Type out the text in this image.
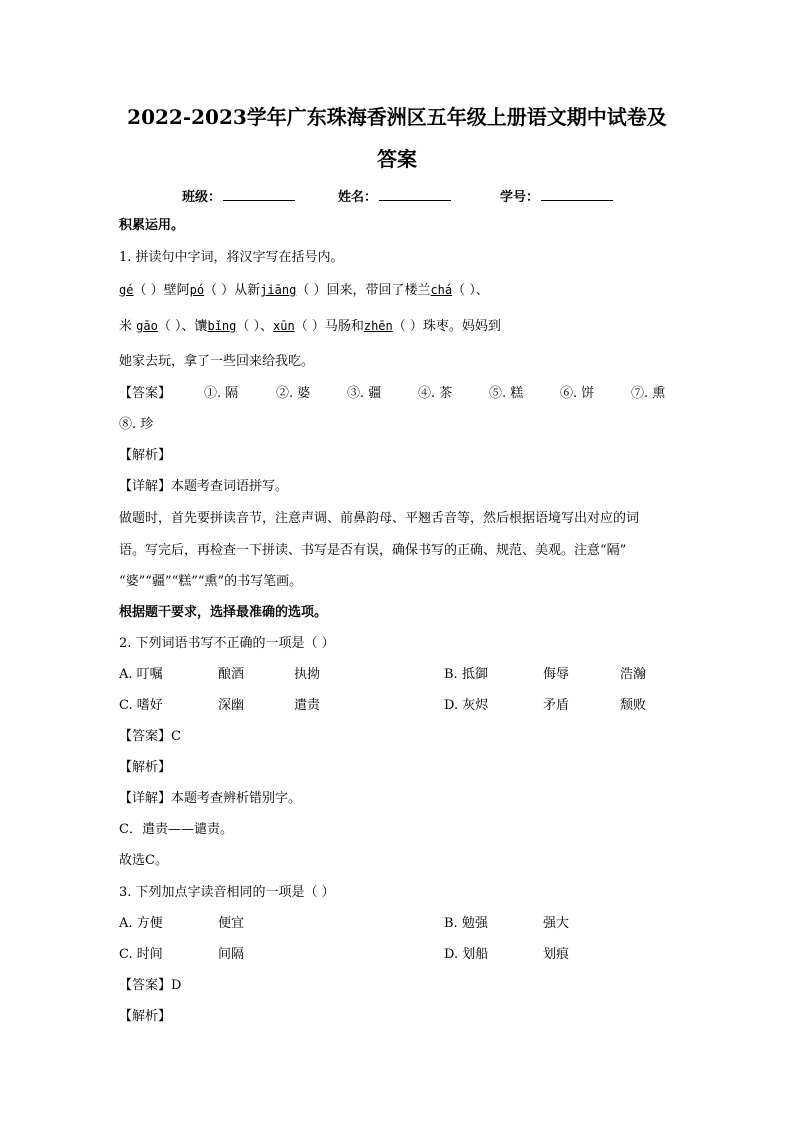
2022-2023学年广东珠海香洲区五年级上册语文期中试卷及
答案
班级：	姓名：	学号：
积累运用。
1. 拼读句中字词，将汉字写在括号内。
gé（ ）壁阿pó（ ）从新jiāng（ ）回来，带回了楼兰chá（ ）、
米 gāo（ ）、馕bǐng（ ）、xūn（ ）马肠和zhēn（ ）珠枣。妈妈到
她家去玩，拿了一些回来给我吃。
【答案】	①. 隔	②. 婆	③. 疆	④. 茶	⑤. 糕	⑥. 饼	⑦. 熏
⑧. 珍
【解析】
【详解】本题考查词语拼写。
做题时，首先要拼读音节，注意声调、前鼻韵母、平翘舌音等，然后根据语境写出对应的词
语。写完后，再检查一下拼读、书写是否有误，确保书写的正确、规范、美观。注意“隔”
“婆”“疆”“糕”“熏”的书写笔画。
根据题干要求，选择最准确的选项。
2. 下列词语书写不正确的一项是（ ）
A. 叮嘱	酿酒	执拗	B. 抵御	侮辱	浩瀚
C. 嗜好	深幽	遣责	D. 灰烬	矛盾	颓败
【答案】C
【解析】
【详解】本题考查辨析错别字。
C．遣责——谴责。
故选C。
3. 下列加点字读音相同的一项是（ ）
A. 方便	便宜	B. 勉强	强大
C. 时间	间隔	D. 划船	划痕
【答案】D
【解析】
